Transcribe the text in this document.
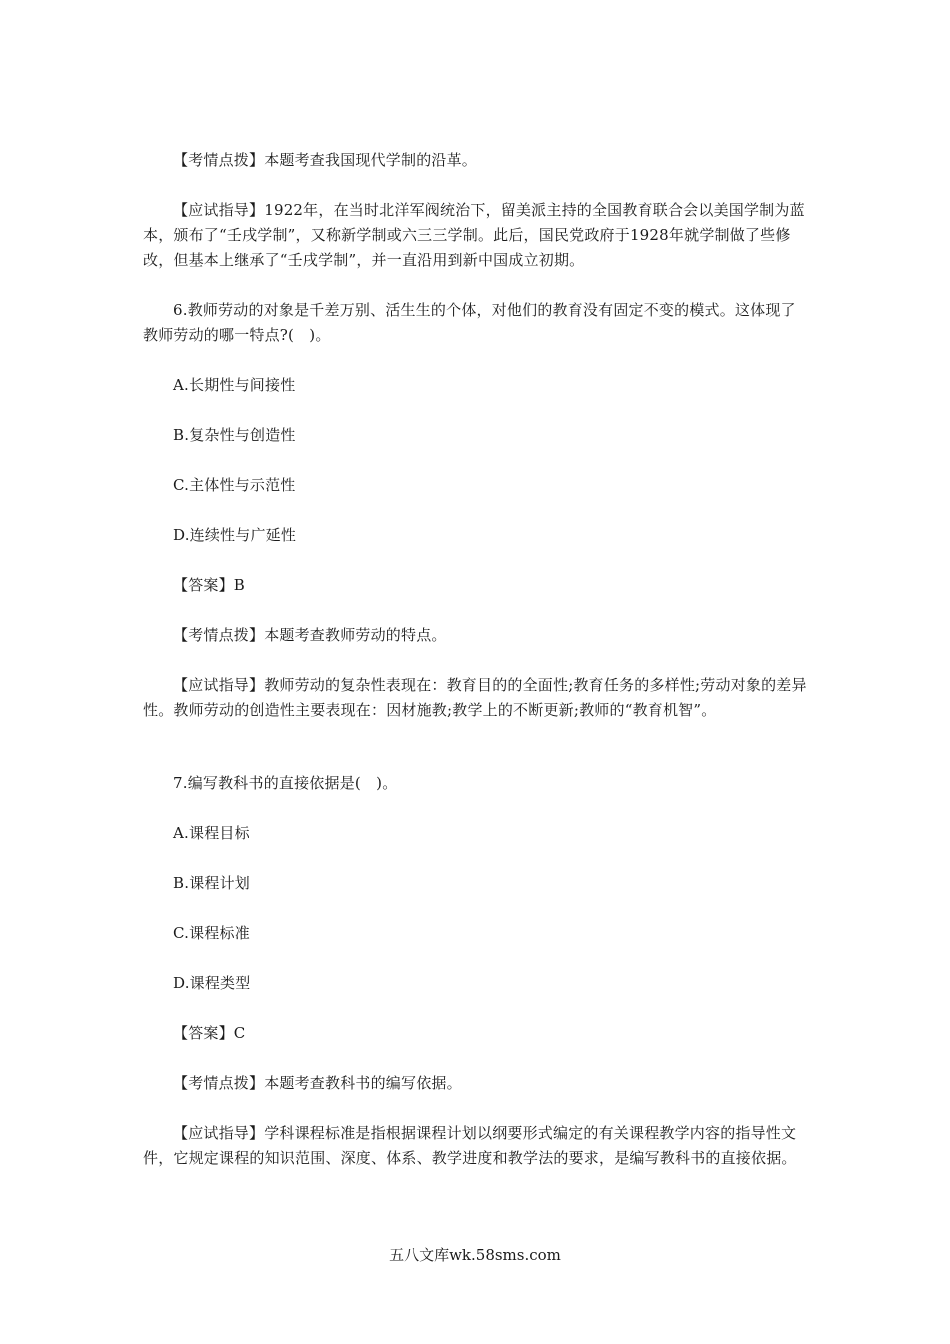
【考情点拨】本题考查我国现代学制的沿革。

【应试指导】1922年，在当时北洋军阀统治下，留美派主持的全国教育联合会以美国学制为蓝本，颁布了“壬戌学制”，又称新学制或六三三学制。此后，国民党政府于1928年就学制做了些修改，但基本上继承了“壬戌学制”，并一直沿用到新中国成立初期。

6.教师劳动的对象是千差万别、活生生的个体，对他们的教育没有固定不变的模式。这体现了教师劳动的哪一特点?(　)。

A.长期性与间接性

B.复杂性与创造性

C.主体性与示范性

D.连续性与广延性

【答案】B

【考情点拨】本题考查教师劳动的特点。

【应试指导】教师劳动的复杂性表现在：教育目的的全面性;教育任务的多样性;劳动对象的差异性。教师劳动的创造性主要表现在：因材施教;教学上的不断更新;教师的“教育机智”。

7.编写教科书的直接依据是(　)。

A.课程目标

B.课程计划

C.课程标准

D.课程类型

【答案】C

【考情点拨】本题考查教科书的编写依据。

【应试指导】学科课程标准是指根据课程计划以纲要形式编定的有关课程教学内容的指导性文件，它规定课程的知识范围、深度、体系、教学进度和教学法的要求，是编写教科书的直接依据。

五八文库wk.58sms.com
